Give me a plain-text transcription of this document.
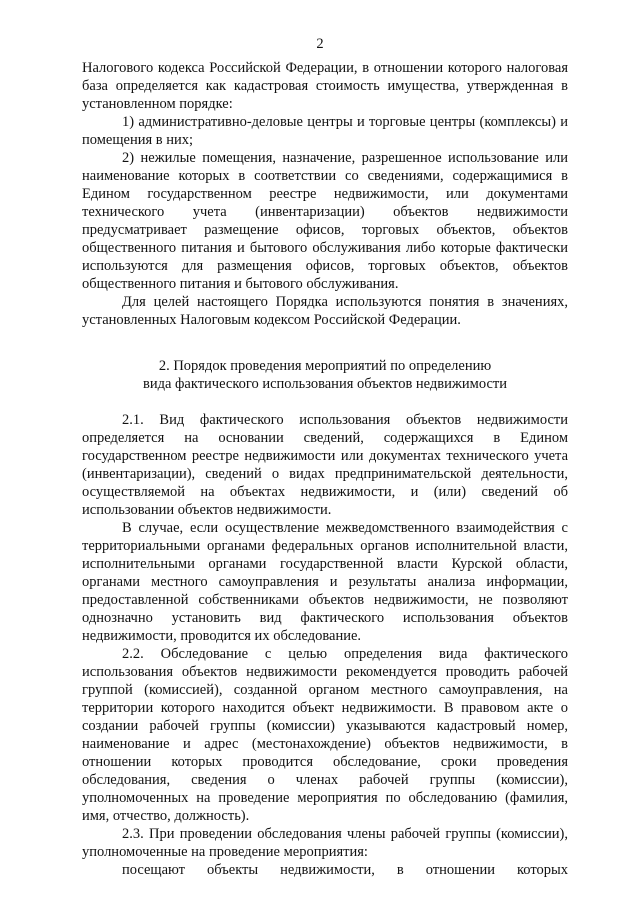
2

Налогового кодекса Российской Федерации, в отношении которого налоговая база определяется как кадастровая стоимость имущества, утвержденная в установленном порядке:

1) административно-деловые центры и торговые центры (комплексы) и помещения в них;

2) нежилые помещения, назначение, разрешенное использование или наименование которых в соответствии со сведениями, содержащимися в Едином государственном реестре недвижимости, или документами технического учета (инвентаризации) объектов недвижимости предусматривает размещение офисов, торговых объектов, объектов общественного питания и бытового обслуживания либо которые фактически используются для размещения офисов, торговых объектов, объектов общественного питания и бытового обслуживания.

Для целей настоящего Порядка используются понятия в значениях, установленных Налоговым кодексом Российской Федерации.

2. Порядок проведения мероприятий по определению
вида фактического использования объектов недвижимости

2.1. Вид фактического использования объектов недвижимости определяется на основании сведений, содержащихся в Едином государственном реестре недвижимости или документах технического учета (инвентаризации), сведений о видах предпринимательской деятельности, осуществляемой на объектах недвижимости, и (или) сведений об использовании объектов недвижимости.

В случае, если осуществление межведомственного взаимодействия с территориальными органами федеральных органов исполнительной власти, исполнительными органами государственной власти Курской области, органами местного самоуправления и результаты анализа информации, предоставленной собственниками объектов недвижимости, не позволяют однозначно установить вид фактического использования объектов недвижимости, проводится их обследование.

2.2. Обследование с целью определения вида фактического использования объектов недвижимости рекомендуется проводить рабочей группой (комиссией), созданной органом местного самоуправления, на территории которого находится объект недвижимости. В правовом акте о создании рабочей группы (комиссии) указываются кадастровый номер, наименование и адрес (местонахождение) объектов недвижимости, в отношении которых проводится обследование, сроки проведения обследования, сведения о членах рабочей группы (комиссии), уполномоченных на проведение мероприятия по обследованию (фамилия, имя, отчество, должность).

2.3. При проведении обследования члены рабочей группы (комиссии), уполномоченные на проведение мероприятия:

посещают объекты недвижимости, в отношении которых
